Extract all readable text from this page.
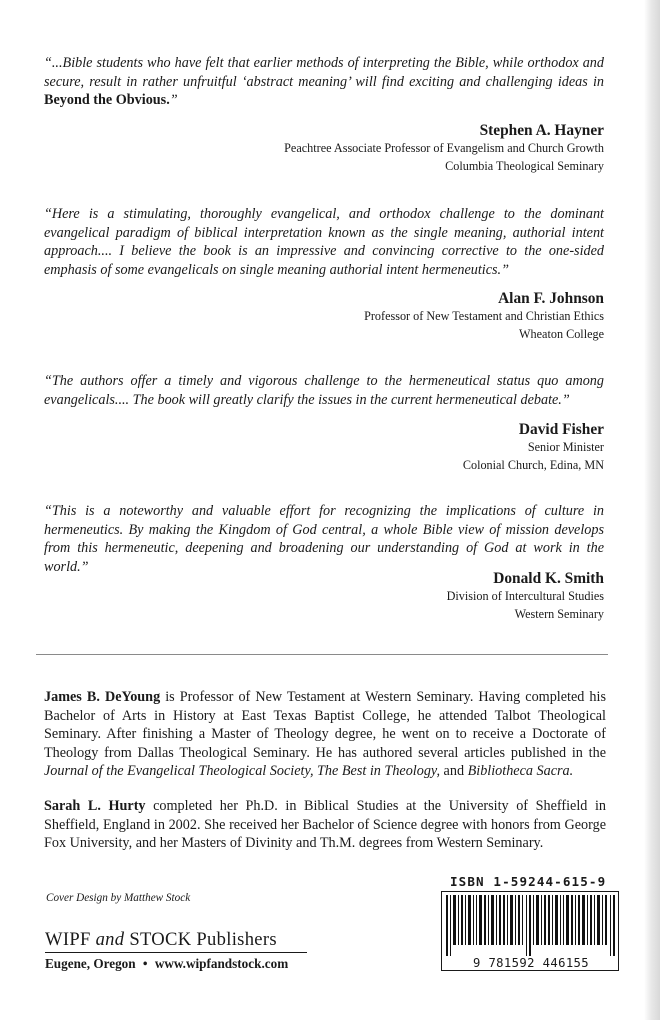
“...Bible students who have felt that earlier methods of interpreting the Bible, while orthodox and secure, result in rather unfruitful ‘abstract meaning’ will find exciting and challenging ideas in Beyond the Obvious.”

Stephen A. Hayner
Peachtree Associate Professor of Evangelism and Church Growth
Columbia Theological Seminary

“Here is a stimulating, thoroughly evangelical, and orthodox challenge to the dominant evangelical paradigm of biblical interpretation known as the single meaning, authorial intent approach.... I believe the book is an impressive and convincing corrective to the one-sided emphasis of some evangelicals on single meaning authorial intent hermeneutics.”

Alan F. Johnson
Professor of New Testament and Christian Ethics
Wheaton College

“The authors offer a timely and vigorous challenge to the hermeneutical status quo among evangelicals.... The book will greatly clarify the issues in the current hermeneutical debate.”

David Fisher
Senior Minister
Colonial Church, Edina, MN

“This is a noteworthy and valuable effort for recognizing the implications of culture in hermeneutics. By making the Kingdom of God central, a whole Bible view of mission develops from this hermeneutic, deepening and broadening our understanding of God at work in the world.”

Donald K. Smith
Division of Intercultural Studies
Western Seminary

James B. DeYoung is Professor of New Testament at Western Seminary. Having completed his Bachelor of Arts in History at East Texas Baptist College, he attended Talbot Theological Seminary. After finishing a Master of Theology degree, he went on to receive a Doctorate of Theology from Dallas Theological Seminary. He has authored several articles published in the Journal of the Evangelical Theological Society, The Best in Theology, and Bibliotheca Sacra.

Sarah L. Hurty completed her Ph.D. in Biblical Studies at the University of Sheffield in Sheffield, England in 2002. She received her Bachelor of Science degree with honors from George Fox University, and her Masters of Divinity and Th.M. degrees from Western Seminary.

Cover Design by Matthew Stock
WIPF and STOCK Publishers
Eugene, Oregon • www.wipfandstock.com
ISBN 1-59244-615-9
9 781592 446155
